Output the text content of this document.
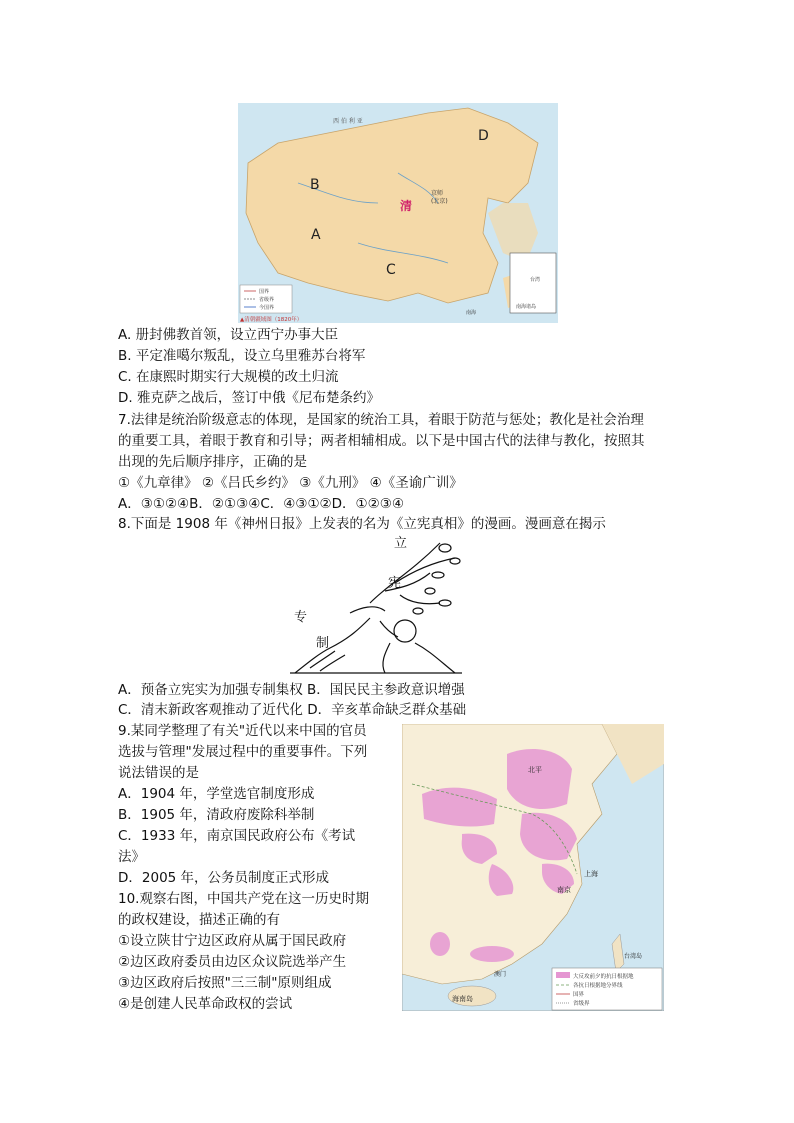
西 伯 利 亚
B
A
C
D
清
京师
(北京)
南海诸岛
南海
台湾
国界
省级界
今国界
▲清朝疆域图（1820年）
A. 册封佛教首领，设立西宁办事大臣
B. 平定准噶尔叛乱，设立乌里雅苏台将军
C. 在康熙时期实行大规模的改土归流
D. 雅克萨之战后，签订中俄《尼布楚条约》
7.法律是统治阶级意志的体现，是国家的统治工具，着眼于防范与惩处；教化是社会治理
的重要工具，着眼于教育和引导；两者相辅相成。以下是中国古代的法律与教化，按照其
出现的先后顺序排序，正确的是
①《九章律》 ②《吕氏乡约》 ③《九刑》 ④《圣谕广训》
A．③①②④B．②①③④C．④③①②D．①②③④
8.下面是 1908 年《神州日报》上发表的名为《立宪真相》的漫画。漫画意在揭示
立
宪
专
制
A．预备立宪实为加强专制集权 B．国民民主参政意识增强
C．清末新政客观推动了近代化 D．辛亥革命缺乏群众基础
9.某同学整理了有关"近代以来中国的官员
选拔与管理"发展过程中的重要事件。下列
说法错误的是
A．1904 年，学堂选官制度形成
B．1905 年，清政府废除科举制
C．1933 年，南京国民政府公布《考试
法》
D．2005 年，公务员制度正式形成
10.观察右图，中国共产党在这一历史时期
的政权建设，描述正确的有
①设立陕甘宁边区政府从属于国民政府
②边区政府委员由边区众议院选举产生
③边区政府后按照"三三制"原则组成
④是创建人民革命政权的尝试
北平
南京
上海
海南岛
台湾岛
澳门	大反攻前夕的抗日根据地
各抗日根据地分界线
国界
省级界
